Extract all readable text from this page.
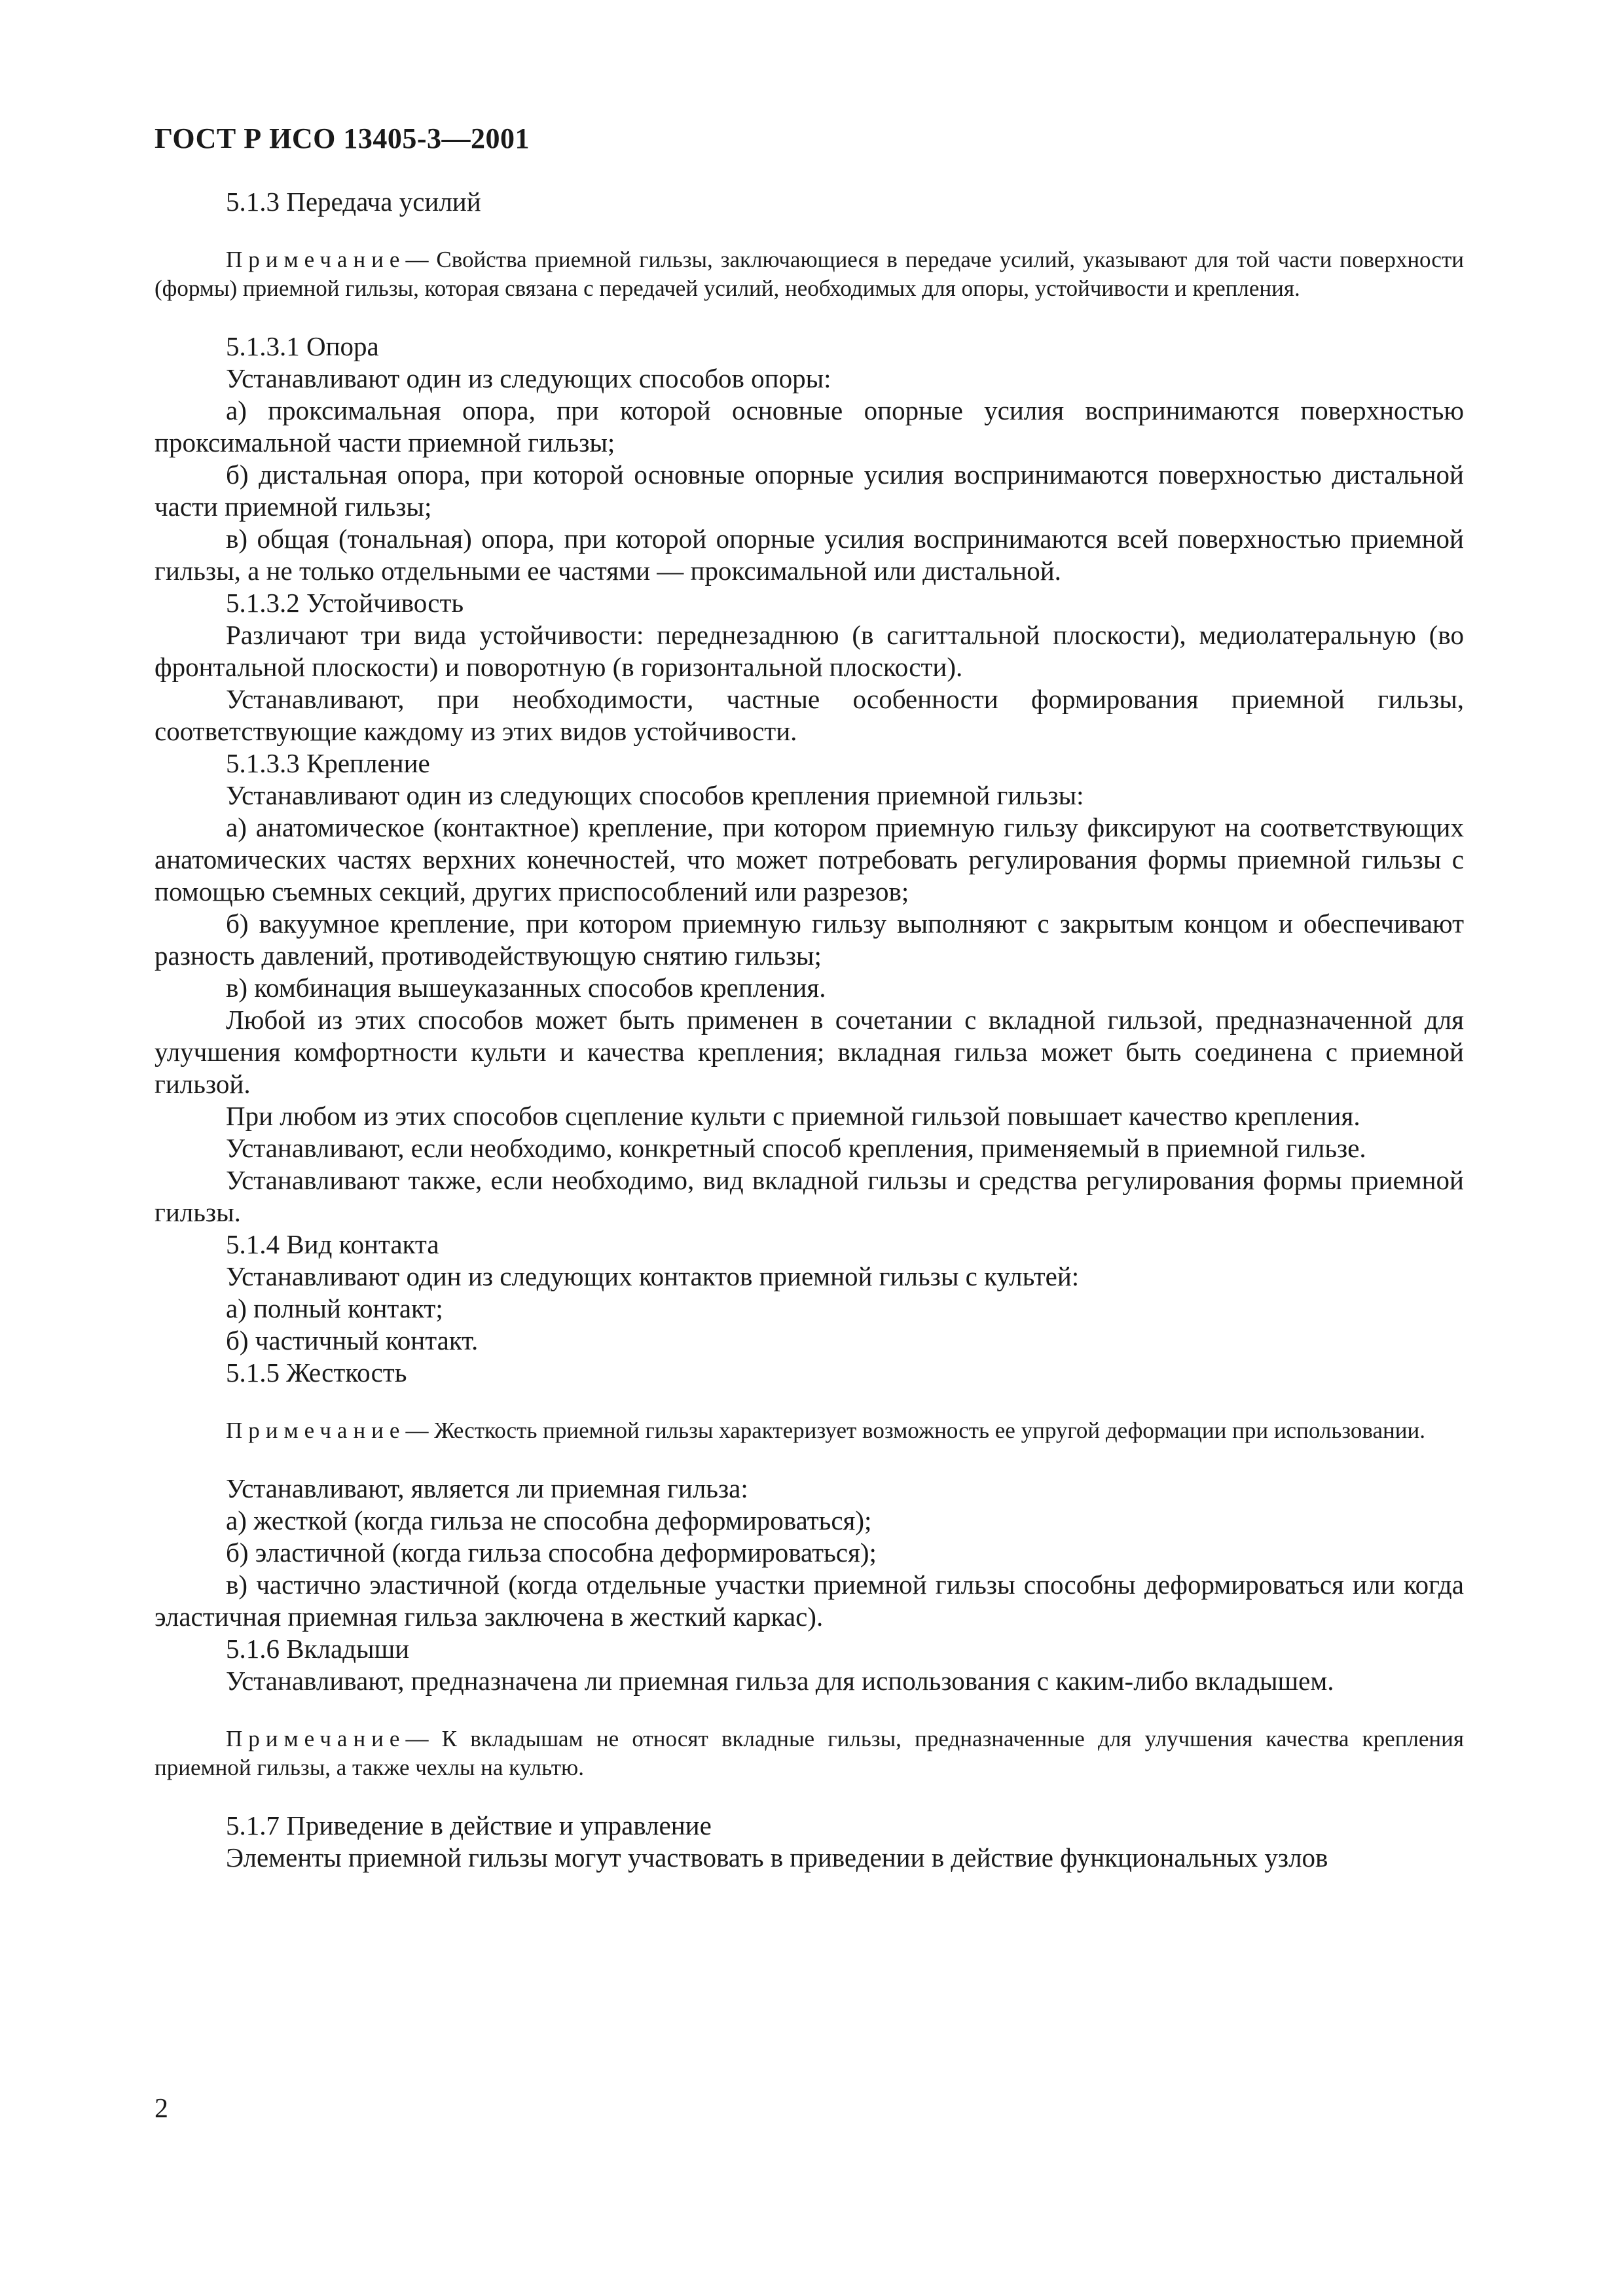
ГОСТ Р ИСО 13405-3—2001

5.1.3 Передача усилий

Примечание— Свойства приемной гильзы, заключающиеся в передаче усилий, указывают для той части поверхности (формы) приемной гильзы, которая связана с передачей усилий, необходимых для опоры, устойчивости и крепления.

5.1.3.1 Опора

Устанавливают один из следующих способов опоры:

а) проксимальная опора, при которой основные опорные усилия воспринимаются поверхностью проксимальной части приемной гильзы;

б) дистальная опора, при которой основные опорные усилия воспринимаются поверхностью дистальной части приемной гильзы;

в) общая (тональная) опора, при которой опорные усилия воспринимаются всей поверхностью приемной гильзы, а не только отдельными ее частями — проксимальной или дистальной.

5.1.3.2 Устойчивость

Различают три вида устойчивости: переднезаднюю (в сагиттальной плоскости), медиолатеральную (во фронтальной плоскости) и поворотную (в горизонтальной плоскости).

Устанавливают, при необходимости, частные особенности формирования приемной гильзы, соответствующие каждому из этих видов устойчивости.

5.1.3.3 Крепление

Устанавливают один из следующих способов крепления приемной гильзы:

а) анатомическое (контактное) крепление, при котором приемную гильзу фиксируют на соответствующих анатомических частях верхних конечностей, что может потребовать регулирования формы приемной гильзы с помощью съемных секций, других приспособлений или разрезов;

б) вакуумное крепление, при котором приемную гильзу выполняют с закрытым концом и обеспечивают разность давлений, противодействующую снятию гильзы;

в) комбинация вышеуказанных способов крепления.

Любой из этих способов может быть применен в сочетании с вкладной гильзой, предназначенной для улучшения комфортности культи и качества крепления; вкладная гильза может быть соединена с приемной гильзой.

При любом из этих способов сцепление культи с приемной гильзой повышает качество крепления.

Устанавливают, если необходимо, конкретный способ крепления, применяемый в приемной гильзе.

Устанавливают также, если необходимо, вид вкладной гильзы и средства регулирования формы приемной гильзы.

5.1.4 Вид контакта

Устанавливают один из следующих контактов приемной гильзы с культей:

а) полный контакт;

б) частичный контакт.

5.1.5 Жесткость

Примечание— Жесткость приемной гильзы характеризует возможность ее упругой деформации при использовании.

Устанавливают, является ли приемная гильза:

а) жесткой (когда гильза не способна деформироваться);

б) эластичной (когда гильза способна деформироваться);

в) частично эластичной (когда отдельные участки приемной гильзы способны деформироваться или когда эластичная приемная гильза заключена в жесткий каркас).

5.1.6 Вкладыши

Устанавливают, предназначена ли приемная гильза для использования с каким-либо вкладышем.

Примечание— К вкладышам не относят вкладные гильзы, предназначенные для улучшения качества крепления приемной гильзы, а также чехлы на культю.

5.1.7 Приведение в действие и управление

Элементы приемной гильзы могут участвовать в приведении в действие функциональных узлов

2
